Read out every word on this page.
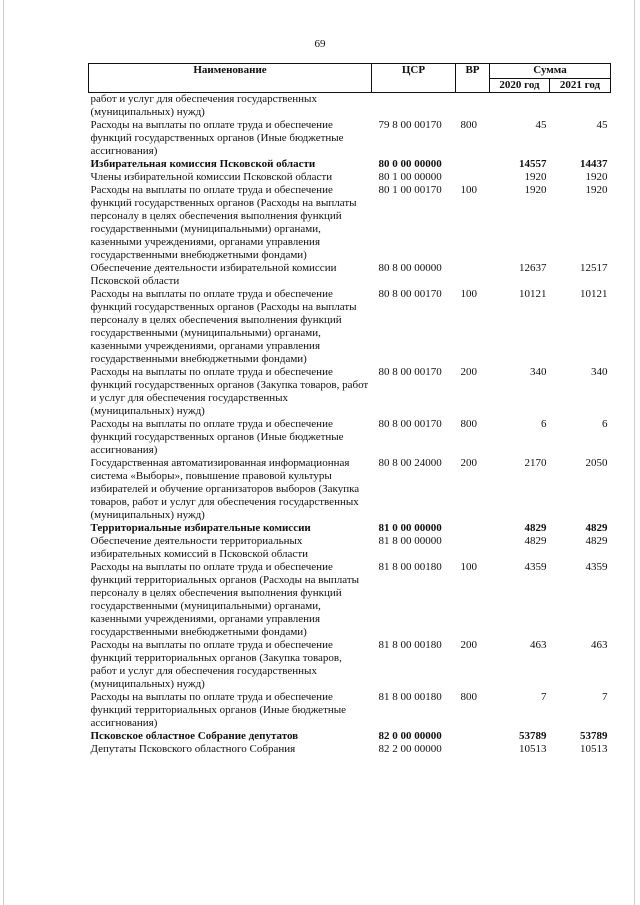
69
Наименование	ЦСР	ВР	Сумма	
			2020 год	2021 год
работ и услуг для обеспечения государственных (муниципальных) нужд)				
Расходы на выплаты по оплате труда и обеспечение функций государственных органов (Иные бюджетные ассигнования)	79 8 00 00170	800	45	45
Избирательная комиссия Псковской области	80 0 00 00000		14557	14437
Члены избирательной комиссии Псковской области	80 1 00 00000		1920	1920
Расходы на выплаты по оплате труда и обеспечение функций государственных органов (Расходы на выплаты персоналу в целях обеспечения выполнения функций государственными (муниципальными) органами, казенными учреждениями, органами управления государственными внебюджетными фондами)	80 1 00 00170	100	1920	1920
Обеспечение деятельности избирательной комиссии Псковской области	80 8 00 00000		12637	12517
Расходы на выплаты по оплате труда и обеспечение функций государственных органов (Расходы на выплаты персоналу в целях обеспечения выполнения функций государственными (муниципальными) органами, казенными учреждениями, органами управления государственными внебюджетными фондами)	80 8 00 00170	100	10121	10121
Расходы на выплаты по оплате труда и обеспечение функций государственных органов (Закупка товаров, работ и услуг для обеспечения государственных (муниципальных) нужд)	80 8 00 00170	200	340	340
Расходы на выплаты по оплате труда и обеспечение функций государственных органов (Иные бюджетные ассигнования)	80 8 00 00170	800	6	6
Государственная автоматизированная информационная система «Выборы», повышение правовой культуры избирателей и обучение организаторов выборов (Закупка товаров, работ и услуг для обеспечения государственных (муниципальных) нужд)	80 8 00 24000	200	2170	2050
Территориальные избирательные комиссии	81 0 00 00000		4829	4829
Обеспечение деятельности территориальных избирательных комиссий в Псковской области	81 8 00 00000		4829	4829
Расходы на выплаты по оплате труда и обеспечение функций территориальных органов (Расходы на выплаты персоналу в целях обеспечения выполнения функций государственными (муниципальными) органами, казенными учреждениями, органами управления государственными внебюджетными фондами)	81 8 00 00180	100	4359	4359
Расходы на выплаты по оплате труда и обеспечение функций территориальных органов (Закупка товаров, работ и услуг для обеспечения государственных (муниципальных) нужд)	81 8 00 00180	200	463	463
Расходы на выплаты по оплате труда и обеспечение функций территориальных органов (Иные бюджетные ассигнования)	81 8 00 00180	800	7	7
Псковское областное Собрание депутатов	82 0 00 00000		53789	53789
Депутаты Псковского областного Собрания	82 2 00 00000		10513	10513
